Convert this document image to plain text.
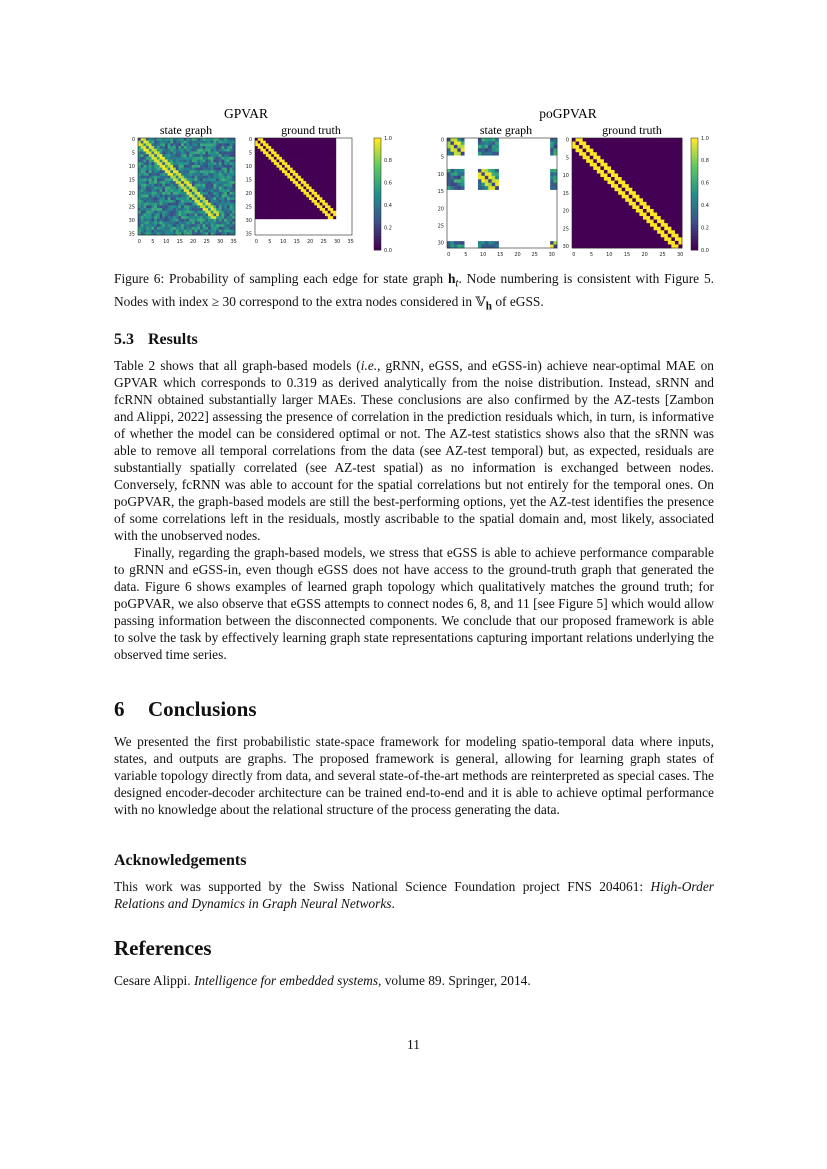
GPVAR
state graph	ground truth
poGPVAR
state graph	ground truth
0
0
5
5
10
10
15
15
20
20
25
25
30
30
35
35
0
0
5
5
10
10
15
15
20
20
25
25
30
30
35
35
0.0
0.2
0.4
0.6
0.8
1.0
0
0
5
5
10
10
15
15
20
20
25
25
30
30
0
0
5
5
10
10
15
15
20
20
25
25
30
30
0.0
0.2
0.4
0.6
0.8
1.0
Figure 6: Probability of sampling each edge for state graph $h_t$. Node numbering is consistent with Figure 5. Nodes with index ≥ 30 correspond to the extra nodes considered in 𝕍$_h$ of eGSS.
5.3 Results

Table 2 shows that all graph-based models (i.e., gRNN, eGSS, and eGSS-in) achieve near-optimal MAE on GPVAR which corresponds to 0.319 as derived analytically from the noise distribution. Instead, sRNN and fcRNN obtained substantially larger MAEs. These conclusions are also confirmed by the AZ-tests [Zambon and Alippi, 2022] assessing the presence of correlation in the prediction residuals which, in turn, is informative of whether the model can be considered optimal or not. The AZ-test statistics shows also that the sRNN was able to remove all temporal correlations from the data (see AZ-test temporal) but, as expected, residuals are substantially spatially correlated (see AZ-test spatial) as no information is exchanged between nodes. Conversely, fcRNN was able to account for the spatial correlations but not entirely for the temporal ones. On poGPVAR, the graph-based models are still the best-performing options, yet the AZ-test identifies the presence of some correlations left in the residuals, mostly ascribable to the spatial domain and, most likely, associated with the unobserved nodes.

Finally, regarding the graph-based models, we stress that eGSS is able to achieve performance comparable to gRNN and eGSS-in, even though eGSS does not have access to the ground-truth graph that generated the data. Figure 6 shows examples of learned graph topology which qualitatively matches the ground truth; for poGPVAR, we also observe that eGSS attempts to connect nodes 6, 8, and 11 [see Figure 5] which would allow passing information between the disconnected components. We conclude that our proposed framework is able to solve the task by effectively learning graph state representations capturing important relations underlying the observed time series.

6 Conclusions

We presented the first probabilistic state-space framework for modeling spatio-temporal data where inputs, states, and outputs are graphs. The proposed framework is general, allowing for learning graph states of variable topology directly from data, and several state-of-the-art methods are reinterpreted as special cases. The designed encoder-decoder architecture can be trained end-to-end and it is able to achieve optimal performance with no knowledge about the relational structure of the process generating the data.

Acknowledgements

This work was supported by the Swiss National Science Foundation project FNS 204061: High-Order Relations and Dynamics in Graph Neural Networks.

References

Cesare Alippi. Intelligence for embedded systems, volume 89. Springer, 2014.

11
